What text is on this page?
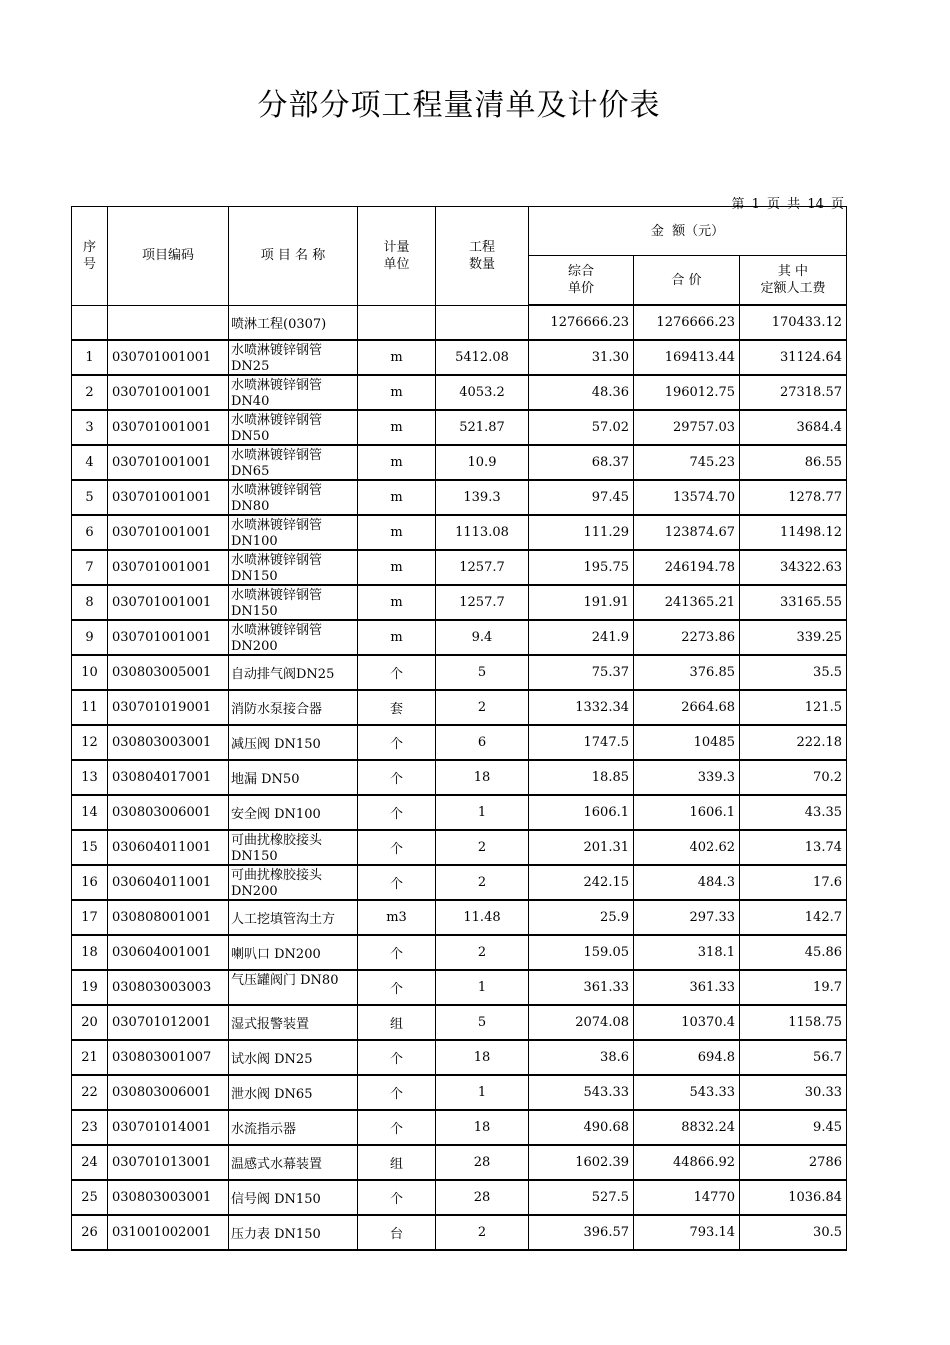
分部分项工程量清单及计价表
第 1 页 共 14 页
序
号	项目编码	项 目 名 称	计量
单位	工程
数量	金  额（元）		
					综合
单价	合 价	其 中
定额人工费
		喷淋工程(0307)			1276666.23	1276666.23	170433.12
1	030701001001	水喷淋镀锌钢管DN25	m	5412.08	31.30	169413.44	31124.64
2	030701001001	水喷淋镀锌钢管DN40	m	4053.2	48.36	196012.75	27318.57
3	030701001001	水喷淋镀锌钢管DN50	m	521.87	57.02	29757.03	3684.4
4	030701001001	水喷淋镀锌钢管DN65	m	10.9	68.37	745.23	86.55
5	030701001001	水喷淋镀锌钢管DN80	m	139.3	97.45	13574.70	1278.77
6	030701001001	水喷淋镀锌钢管DN100	m	1113.08	111.29	123874.67	11498.12
7	030701001001	水喷淋镀锌钢管DN150	m	1257.7	195.75	246194.78	34322.63
8	030701001001	水喷淋镀锌钢管DN150	m	1257.7	191.91	241365.21	33165.55
9	030701001001	水喷淋镀锌钢管DN200	m	9.4	241.9	2273.86	339.25
10	030803005001	自动排气阀DN25	个	5	75.37	376.85	35.5
11	030701019001	消防水泵接合器	套	2	1332.34	2664.68	121.5
12	030803003001	减压阀 DN150	个	6	1747.5	10485	222.18
13	030804017001	地漏 DN50	个	18	18.85	339.3	70.2
14	030803006001	安全阀 DN100	个	1	1606.1	1606.1	43.35
15	030604011001	可曲扰橡胶接头DN150	个	2	201.31	402.62	13.74
16	030604011001	可曲扰橡胶接头DN200	个	2	242.15	484.3	17.6
17	030808001001	人工挖填管沟土方	m3	11.48	25.9	297.33	142.7
18	030604001001	喇叭口 DN200	个	2	159.05	318.1	45.86
19	030803003003	气压罐阀门 DN80	个	1	361.33	361.33	19.7
20	030701012001	湿式报警装置	组	5	2074.08	10370.4	1158.75
21	030803001007	试水阀 DN25	个	18	38.6	694.8	56.7
22	030803006001	泄水阀 DN65	个	1	543.33	543.33	30.33
23	030701014001	水流指示器	个	18	490.68	8832.24	9.45
24	030701013001	温感式水幕装置	组	28	1602.39	44866.92	2786
25	030803003001	信号阀 DN150	个	28	527.5	14770	1036.84
26	031001002001	压力表 DN150	台	2	396.57	793.14	30.5
